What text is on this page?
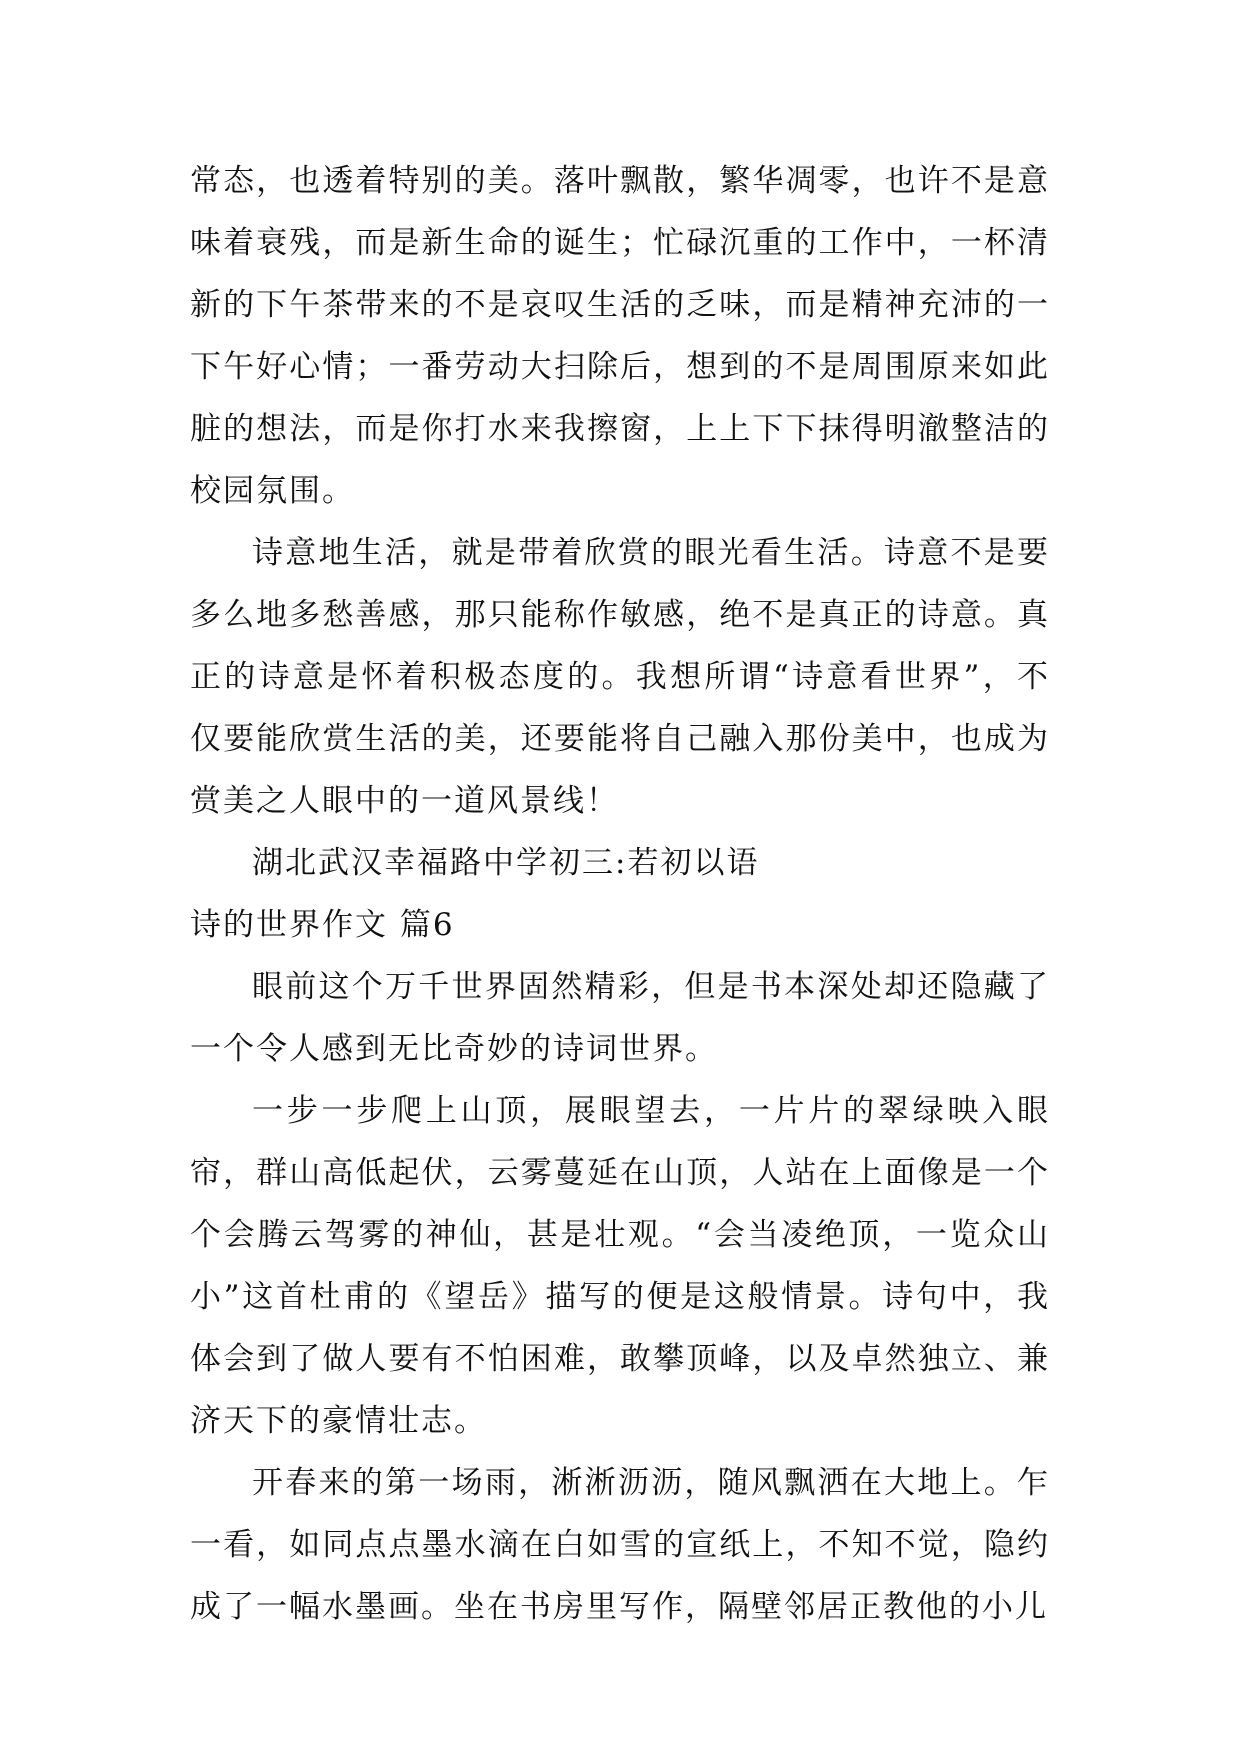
常态，也透着特别的美。落叶飘散，繁华凋零，也许不是意味着衰残，而是新生命的诞生；忙碌沉重的工作中，一杯清新的下午茶带来的不是哀叹生活的乏味，而是精神充沛的一下午好心情；一番劳动大扫除后，想到的不是周围原来如此脏的想法，而是你打水来我擦窗，上上下下抹得明澈整洁的校园氛围。

诗意地生活，就是带着欣赏的眼光看生活。诗意不是要多么地多愁善感，那只能称作敏感，绝不是真正的诗意。真正的诗意是怀着积极态度的。我想所谓“诗意看世界”，不仅要能欣赏生活的美，还要能将自己融入那份美中，也成为赏美之人眼中的一道风景线！

湖北武汉幸福路中学初三:若初以语

诗的世界作文 篇6

眼前这个万千世界固然精彩，但是书本深处却还隐藏了一个令人感到无比奇妙的诗词世界。

一步一步爬上山顶，展眼望去，一片片的翠绿映入眼帘，群山高低起伏，云雾蔓延在山顶，人站在上面像是一个个会腾云驾雾的神仙，甚是壮观。“会当凌绝顶，一览众山小”这首杜甫的《望岳》描写的便是这般情景。诗句中，我体会到了做人要有不怕困难，敢攀顶峰，以及卓然独立、兼济天下的豪情壮志。

开春来的第一场雨，淅淅沥沥，随风飘洒在大地上。乍一看，如同点点墨水滴在白如雪的宣纸上，不知不觉，隐约成了一幅水墨画。坐在书房里写作，隔壁邻居正教他的小儿
